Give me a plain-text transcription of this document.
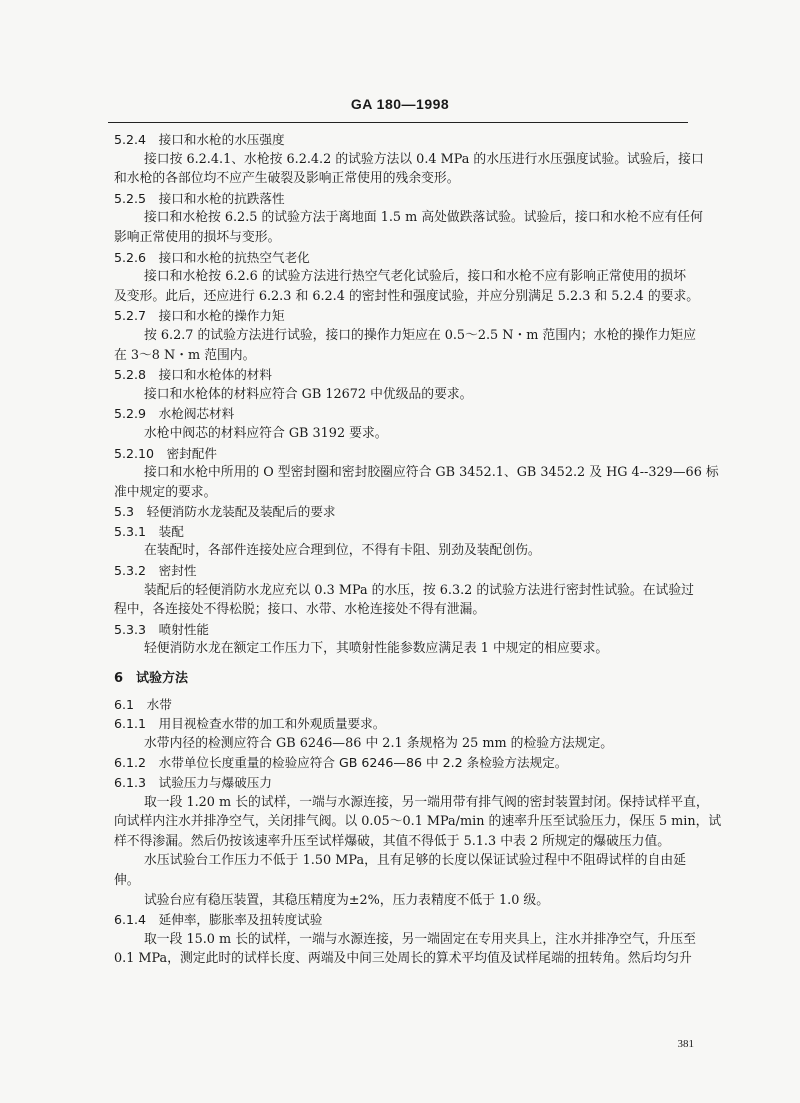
GA 180—1998
5.2.4　接口和水枪的水压强度
接口按 6.2.4.1、水枪按 6.2.4.2 的试验方法以 0.4 MPa 的水压进行水压强度试验。试验后，接口
和水枪的各部位均不应产生破裂及影响正常使用的残余变形。
5.2.5　接口和水枪的抗跌落性
接口和水枪按 6.2.5 的试验方法于离地面 1.5 m 高处做跌落试验。试验后，接口和水枪不应有任何
影响正常使用的损坏与变形。
5.2.6　接口和水枪的抗热空气老化
接口和水枪按 6.2.6 的试验方法进行热空气老化试验后，接口和水枪不应有影响正常使用的损坏
及变形。此后，还应进行 6.2.3 和 6.2.4 的密封性和强度试验，并应分别满足 5.2.3 和 5.2.4 的要求。
5.2.7　接口和水枪的操作力矩
按 6.2.7 的试验方法进行试验，接口的操作力矩应在 0.5～2.5 N・m 范围内；水枪的操作力矩应
在 3～8 N・m 范围内。
5.2.8　接口和水枪体的材料
接口和水枪体的材料应符合 GB 12672 中优级品的要求。
5.2.9　水枪阀芯材料
水枪中阀芯的材料应符合 GB 3192 要求。
5.2.10　密封配件
接口和水枪中所用的 O 型密封圈和密封胶圈应符合 GB 3452.1、GB 3452.2 及 HG 4--329—66 标
准中规定的要求。
5.3　轻便消防水龙装配及装配后的要求
5.3.1　装配
在装配时，各部件连接处应合理到位，不得有卡阻、别劲及装配创伤。
5.3.2　密封性
装配后的轻便消防水龙应充以 0.3 MPa 的水压，按 6.3.2 的试验方法进行密封性试验。在试验过
程中，各连接处不得松脱；接口、水带、水枪连接处不得有泄漏。
5.3.3　喷射性能
轻便消防水龙在额定工作压力下，其喷射性能参数应满足表 1 中规定的相应要求。
6　试验方法
6.1　水带
6.1.1　用目视检查水带的加工和外观质量要求。
水带内径的检测应符合 GB 6246—86 中 2.1 条规格为 25 mm 的检验方法规定。
6.1.2　水带单位长度重量的检验应符合 GB 6246—86 中 2.2 条检验方法规定。
6.1.3　试验压力与爆破压力
取一段 1.20 m 长的试样，一端与水源连接，另一端用带有排气阀的密封装置封闭。保持试样平直，
向试样内注水并排净空气，关闭排气阀。以 0.05～0.1 MPa/min 的速率升压至试验压力，保压 5 min，试
样不得渗漏。然后仍按该速率升压至试样爆破，其值不得低于 5.1.3 中表 2 所规定的爆破压力值。
水压试验台工作压力不低于 1.50 MPa，且有足够的长度以保证试验过程中不阻碍试样的自由延
伸。
试验台应有稳压装置，其稳压精度为±2%，压力表精度不低于 1.0 级。
6.1.4　延伸率，膨胀率及扭转度试验
取一段 15.0 m 长的试样，一端与水源连接，另一端固定在专用夹具上，注水并排净空气，升压至
0.1 MPa，测定此时的试样长度、两端及中间三处周长的算术平均值及试样尾端的扭转角。然后均匀升
381
